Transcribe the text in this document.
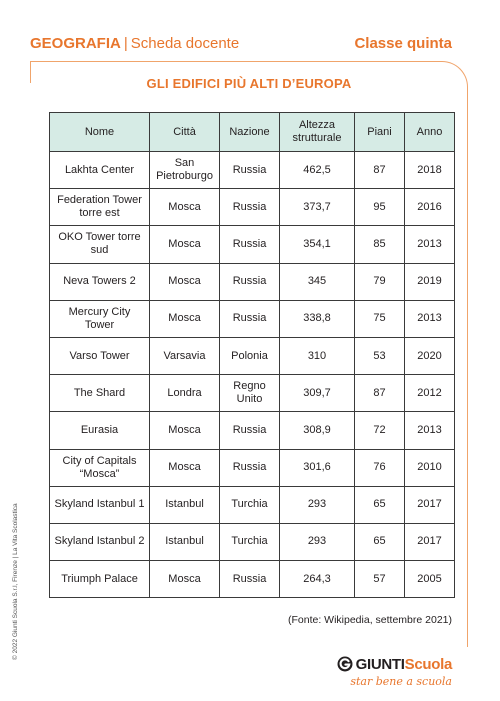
GEOGRAFIA | Scheda docente	Classe quinta
GLI EDIFICI PIÙ ALTI D’EUROPA
Nome	Città	Nazione	Altezza strutturale	Piani	Anno
Lakhta Center	San Pietroburgo	Russia	462,5	87	2018
Federation Tower torre est	Mosca	Russia	373,7	95	2016
OKO Tower torre sud	Mosca	Russia	354,1	85	2013
Neva Towers 2	Mosca	Russia	345	79	2019
Mercury City Tower	Mosca	Russia	338,8	75	2013
Varso Tower	Varsavia	Polonia	310	53	2020
The Shard	Londra	Regno Unito	309,7	87	2012
Eurasia	Mosca	Russia	308,9	72	2013
City of Capitals “Mosca”	Mosca	Russia	301,6	76	2010
Skyland Istanbul 1	Istanbul	Turchia	293	65	2017
Skyland Istanbul 2	Istanbul	Turchia	293	65	2017
Triumph Palace	Mosca	Russia	264,3	57	2005
(Fonte: Wikipedia, settembre 2021)
© 2022 Giunti Scuola S.r.l, Firenze | La Vita Scolastica
GIUNTIScuola
star bene a scuola
